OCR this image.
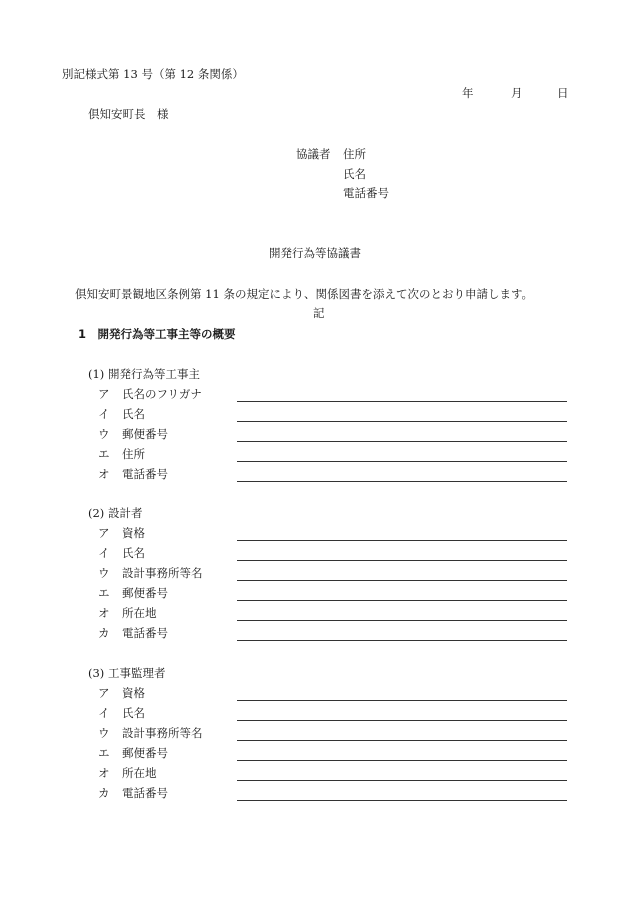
別記様式第 13 号（第 12 条関係）
年	月	日
倶知安町長　様
協議者 住所
氏名
電話番号
開発行為等協議書
倶知安町景観地区条例第 11 条の規定により、関係図書を添えて次のとおり申請します。
記
1　開発行為等工事主等の概要
(1) 開発行為等工事主
ア 氏名のフリガナ
イ 氏名
ウ 郵便番号
エ 住所
オ 電話番号
(2) 設計者
ア 資格
イ 氏名
ウ 設計事務所等名
エ 郵便番号
オ 所在地
カ 電話番号
(3) 工事監理者
ア 資格
イ 氏名
ウ 設計事務所等名
エ 郵便番号
オ 所在地
カ 電話番号
